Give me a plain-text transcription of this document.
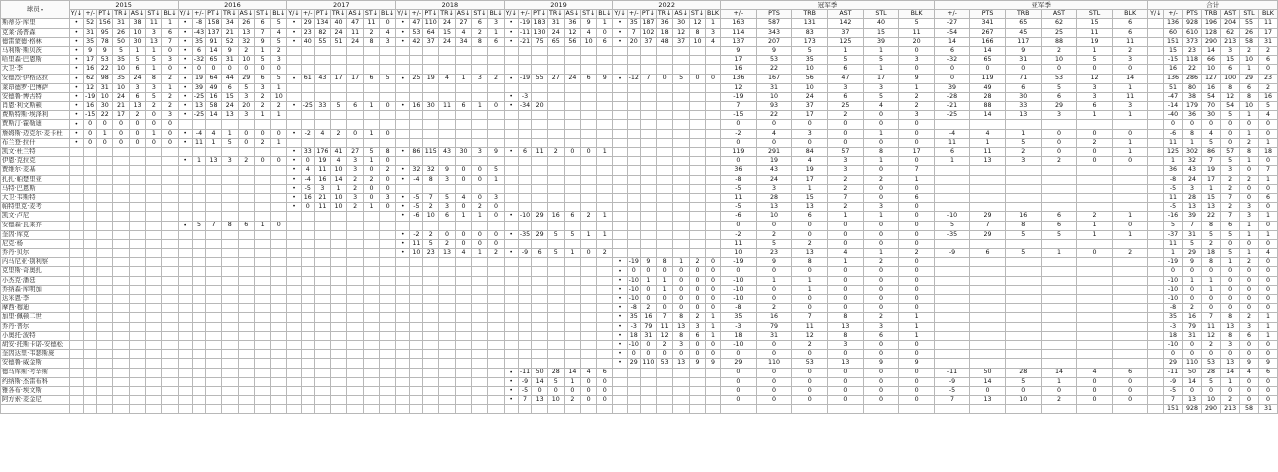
球员 ▾	2015							2016							2017							2018							2019							2022							冠军季						亚军季						合计						
	Y/↓	+/-	PT↓	TR↓	AS↓	ST↓	BL↓	Y/↓	+/-	PT↓	TR↓	AS↓	ST↓	BL↓	Y/↓	+/-	PT↓	TR↓	AS↓	ST↓	BL↓	Y/↓	+/-	PT↓	TR↓	AS↓	ST↓	BL↓	Y/↓	+/-	PT↓	TR↓	AS↓	ST↓	BL↓	Y/↓	+/-	PT↓	TR↓	AS↓	ST↓	BLK	+/-	PTS	TRB	AST	STL	BLK	+/-	PTS	TRB	AST	STL	BLK	Y/↓	+/-	PTS	TRB	AST	STL	BLK
斯蒂芬·库里	•	52	156	31	38	11	1	•	-8	158	34	26	6	5	•	29	134	40	47	11	0	•	47	110	24	27	6	3	•	-19	183	31	36	9	1	•	35	187	36	30	12	1	163	587	131	142	40	5	-27	341	65	62	15	6		136	928	196	204	55	11
克莱·汤普森	•	31	95	26	10	3	6	•	-43	137	21	13	7	4	•	23	82	24	11	2	4	•	53	64	15	4	2	1	•	-11	130	24	12	4	0	•	7	102	18	12	8	3	114	343	83	37	15	11	-54	267	45	25	11	6		60	610	128	62	26	17
德雷蒙德·格林	•	35	78	50	30	13	7	•	35	91	52	32	9	5	•	40	55	51	24	8	3	•	42	37	24	34	8	6	•	-21	75	65	56	10	6	•	20	37	48	37	10	4	137	207	173	125	39	20	14	166	117	88	19	11		151	373	290	213	58	31
马利斯·斯贝茨	•	9	9	5	1	1	0	•	6	14	9	2	1	2																													9	9	5	1	1	0	6	14	9	2	1	2		15	23	14	3	2	2
哈里森·巴恩斯	•	17	53	35	5	5	3	•	-32	65	31	10	5	3																													17	53	35	5	5	3	-32	65	31	10	5	3		-15	118	66	15	10	6
大卫·李	•	16	22	10	6	1	0	•	0	0	0	0	0	0																													16	22	10	6	1	0	0	0	0	0	0	0		16	22	10	6	1	0
安德烈·伊格达拉	•	62	98	35	24	8	2	•	19	64	44	29	6	5	•	61	43	17	17	6	5	•	25	19	4	1	3	2	•	-19	55	27	24	6	9	•	-12	7	0	5	0	0	136	167	56	47	17	9	0	119	71	53	12	14		136	286	127	100	29	23
莱昂德罗·巴博萨	•	12	31	10	3	3	1	•	39	49	6	5	3	1																													12	31	10	3	3	1	39	49	6	5	3	1		51	80	16	8	6	2
安德鲁·博古特	•	-19	10	24	6	5	2	•	-25	16	15	3	2	10															•	-3													-19	10	24	6	5	2	-28	28	30	6	3	11		-47	38	54	12	8	16
肖恩·利文斯顿	•	16	30	21	13	2	2	•	13	58	24	20	2	2	•	-25	33	5	6	1	0	•	16	30	11	6	1	0	•	-34	20												7	93	37	25	4	2	-21	88	33	29	6	3		-14	179	70	54	10	5
费斯特斯·埃泽利	•	-15	22	17	2	0	3	•	-25	14	13	3	1	1																													-15	22	17	2	0	3	-25	14	13	3	1	1		-40	36	30	5	1	4
贾斯汀·霍勒迪	•	0	0	0	0	0	0																																				0	0	0	0	0	0								0	0	0	0	0	0
詹姆斯·迈克尔·麦卡杜	•	0	1	0	0	1	0	•	-4	4	1	0	0	0	•	-2	4	2	0	1	0																						-2	4	3	0	1	0	-4	4	1	0	0	0		-6	8	4	0	1	0
布兰登·拉什	•	0	0	0	0	0	0	•	11	1	5	0	2	1																													0	0	0	0	0	0	11	1	5	0	2	1		11	1	5	0	2	1
凯文·杜兰特															•	33	176	41	27	5	8	•	86	115	43	30	3	9	•	6	11	2	0	0	1								119	291	84	57	8	17	6	11	2	0	0	1		125	302	86	57	8	18
伊恩·克拉克								•	1	13	3	2	0	0	•	0	19	4	3	1	0																						0	19	4	3	1	0	1	13	3	2	0	0		1	32	7	5	1	0
贾维尔·麦基															•	4	11	10	3	0	2	•	32	32	9	0	0	5															36	43	19	3	0	7								36	43	19	3	0	7
扎扎·帕楚里亚															•	-4	16	14	2	2	0	•	-4	8	3	0	0	1															-8	24	17	2	2	1								-8	24	17	2	2	1
马特·巴恩斯															•	-5	3	1	2	0	0																						-5	3	1	2	0	0								-5	3	1	2	0	0
大卫·韦斯特															•	16	21	10	3	0	3	•	-5	7	5	4	0	3															11	28	15	7	0	6								11	28	15	7	0	6
帕特里克·麦考															•	0	11	10	2	1	0	•	-5	2	3	0	2	0															-5	13	13	2	3	0								-5	13	13	2	3	0
凯文·卢尼																						•	-6	10	6	1	1	0	•	-10	29	16	6	2	1								-6	10	6	1	1	0	-10	29	16	6	2	1		-16	39	22	7	3	1
安德森·瓦莱乔								•	5	7	8	6	1	0																													0	0	0	0	0	0	5	7	8	6	1	0		5	7	8	6	1	0
奎因·库克																						•	-2	2	0	0	0	0	•	-35	29	5	5	1	1								-2	2	0	0	0	0	-35	29	5	5	1	1		-37	31	5	5	1	1
尼克·杨																						•	11	5	2	0	0	0															11	5	2	0	0	0								11	5	2	0	0	0
乔丹·贝尔																						•	10	23	13	4	1	2	•	-9	6	5	1	0	2								10	23	13	4	1	2	-9	6	5	1	0	2		1	29	18	5	1	4
内马尼亚·别利察																																				•	-19	9	8	1	2	0	-19	9	8	1	2	0								-19	9	8	1	2	0
克里斯·奇奥扎																																				•	0	0	0	0	0	0	0	0	0	0	0	0								0	0	0	0	0	0
小杰克·潘廷																																				•	-10	1	1	0	0	0	-10	1	1	0	0	0								-10	1	1	0	0	0
乔纳森·库明加																																				•	-10	0	1	0	0	0	-10	0	1	0	0	0								-10	0	1	0	0	0
达米恩·李																																				•	-10	0	0	0	0	0	-10	0	0	0	0	0								-10	0	0	0	0	0
摩西·穆迪																																				•	-8	2	0	0	0	0	-8	2	0	0	0	0								-8	2	0	0	0	0
加里·佩顿二世																																				•	35	16	7	8	2	1	35	16	7	8	2	1								35	16	7	8	2	1
乔丹·普尔																																				•	-3	79	11	13	3	1	-3	79	11	13	3	1								-3	79	11	13	3	1
小奥托·波特																																				•	18	31	12	8	6	1	18	31	12	8	6	1								18	31	12	8	6	1
胡安·托斯卡诺-安德松																																				•	-10	0	2	3	0	0	-10	0	2	3	0	0								-10	0	2	3	0	0
奎因达里·韦瑟斯庞																																				•	0	0	0	0	0	0	0	0	0	0	0	0								0	0	0	0	0	0
安德鲁·威金斯																																				•	29	110	53	13	9	9	29	110	53	13	9	9								29	110	53	13	9	9
德马库斯·考辛斯																													•	-11	50	28	14	4	6								0	0	0	0	0	0	-11	50	28	14	4	6		-11	50	28	14	4	6
约纳斯·杰雷布科																													•	-9	14	5	1	0	0								0	0	0	0	0	0	-9	14	5	1	0	0		-9	14	5	1	0	0
雅各布·埃文斯																													•	-5	0	0	0	0	0								0	0	0	0	0	0	-5	0	0	0	0	0		-5	0	0	0	0	0
阿方索·麦金尼																													•	7	13	10	2	0	0								0	0	0	0	0	0	7	13	10	2	0	0		7	13	10	2	0	0
																																																								151	928	290	213	58	31
